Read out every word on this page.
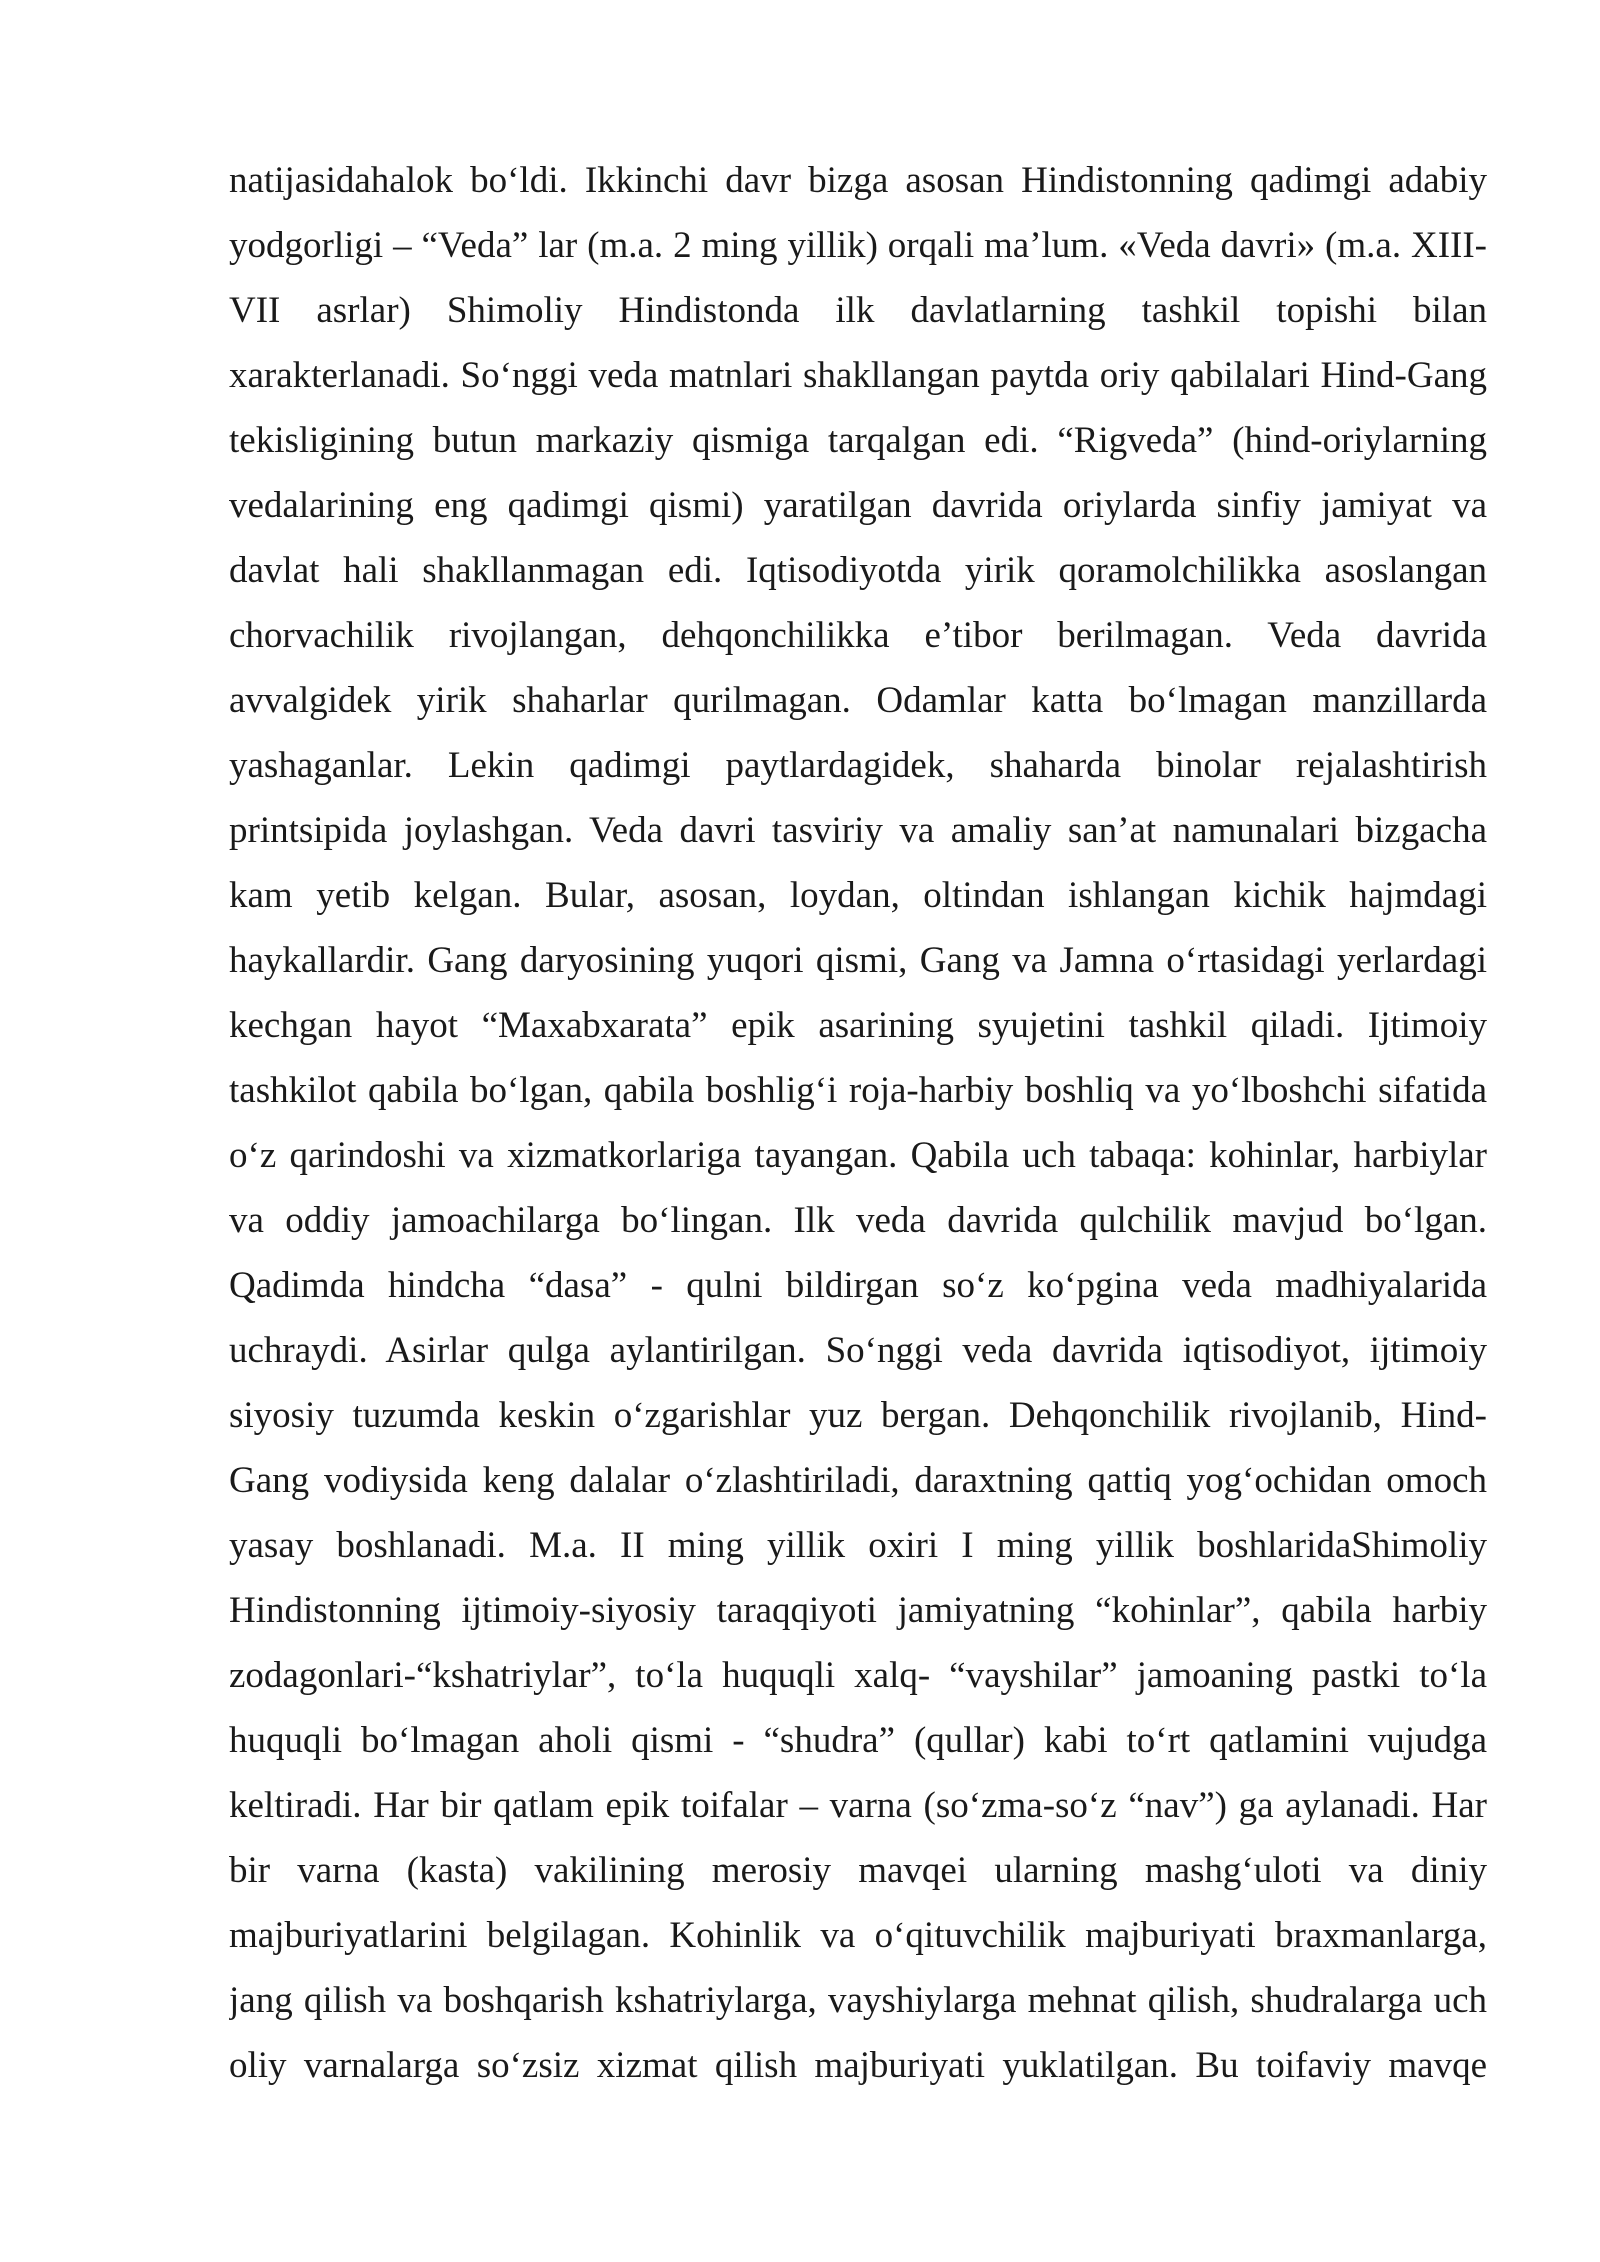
natijasidahalok bo‘ldi. Ikkinchi davr bizga asosan Hindistonning qadimgi adabiy
yodgorligi – “Veda” lar (m.a. 2 ming yillik) orqali ma’lum. «Veda davri» (m.a. XIII-
VII asrlar) Shimoliy Hindistonda ilk davlatlarning tashkil topishi bilan
xarakterlanadi. So‘nggi veda matnlari shakllangan paytda oriy qabilalari Hind-Gang
tekisligining butun markaziy qismiga tarqalgan edi. “Rigveda” (hind-oriylarning
vedalarining eng qadimgi qismi) yaratilgan davrida oriylarda sinfiy jamiyat va
davlat hali shakllanmagan edi. Iqtisodiyotda yirik qoramolchilikka asoslangan
chorvachilik rivojlangan, dehqonchilikka e’tibor berilmagan. Veda davrida
avvalgidek yirik shaharlar qurilmagan. Odamlar katta bo‘lmagan manzillarda
yashaganlar. Lekin qadimgi paytlardagidek, shaharda binolar rejalashtirish
printsipida joylashgan. Veda davri tasviriy va amaliy san’at namunalari bizgacha
kam yetib kelgan. Bular, asosan, loydan, oltindan ishlangan kichik hajmdagi
haykallardir. Gang daryosining yuqori qismi, Gang va Jamna o‘rtasidagi yerlardagi
kechgan hayot “Maxabxarata” epik asarining syujetini tashkil qiladi. Ijtimoiy
tashkilot qabila bo‘lgan, qabila boshlig‘i roja-harbiy boshliq va yo‘lboshchi sifatida
o‘z qarindoshi va xizmatkorlariga tayangan. Qabila uch tabaqa: kohinlar, harbiylar
va oddiy jamoachilarga bo‘lingan. Ilk veda davrida qulchilik mavjud bo‘lgan.
Qadimda hindcha “dasa” - qulni bildirgan so‘z ko‘pgina veda madhiyalarida
uchraydi. Asirlar qulga aylantirilgan. So‘nggi veda davrida iqtisodiyot, ijtimoiy
siyosiy tuzumda keskin o‘zgarishlar yuz bergan. Dehqonchilik rivojlanib, Hind-
Gang vodiysida keng dalalar o‘zlashtiriladi, daraxtning qattiq yog‘ochidan omoch
yasay boshlanadi. M.a. II ming yillik oxiri I ming yillik boshlaridaShimoliy
Hindistonning ijtimoiy-siyosiy taraqqiyoti jamiyatning “kohinlar”, qabila harbiy
zodagonlari-“kshatriylar”, to‘la huquqli xalq- “vayshilar” jamoaning pastki to‘la
huquqli bo‘lmagan aholi qismi - “shudra” (qullar) kabi to‘rt qatlamini vujudga
keltiradi. Har bir qatlam epik toifalar – varna (so‘zma-so‘z “nav”) ga aylanadi. Har
bir varna (kasta) vakilining merosiy mavqei ularning mashg‘uloti va diniy
majburiyatlarini belgilagan. Kohinlik va o‘qituvchilik majburiyati braxmanlarga,
jang qilish va boshqarish kshatriylarga, vayshiylarga mehnat qilish, shudralarga uch
oliy varnalarga so‘zsiz xizmat qilish majburiyati yuklatilgan. Bu toifaviy mavqe
